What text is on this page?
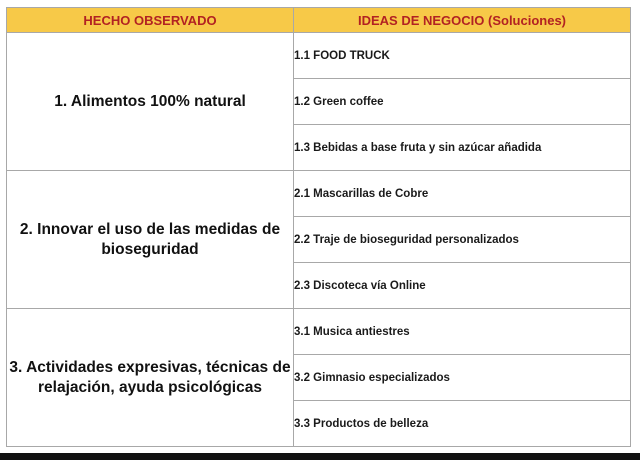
HECHO OBSERVADO	IDEAS DE NEGOCIO (Soluciones)
1. Alimentos 100% natural	1.1 FOOD TRUCK
	1.2 Green coffee
	1.3 Bebidas a base fruta y sin azúcar añadida
2. Innovar el uso de las medidas de bioseguridad	2.1 Mascarillas de Cobre
	2.2 Traje de bioseguridad personalizados
	2.3 Discoteca vía Online
3. Actividades expresivas, técnicas de relajación, ayuda psicológicas	3.1 Musica antiestres
	3.2 Gimnasio especializados
	3.3 Productos de belleza
